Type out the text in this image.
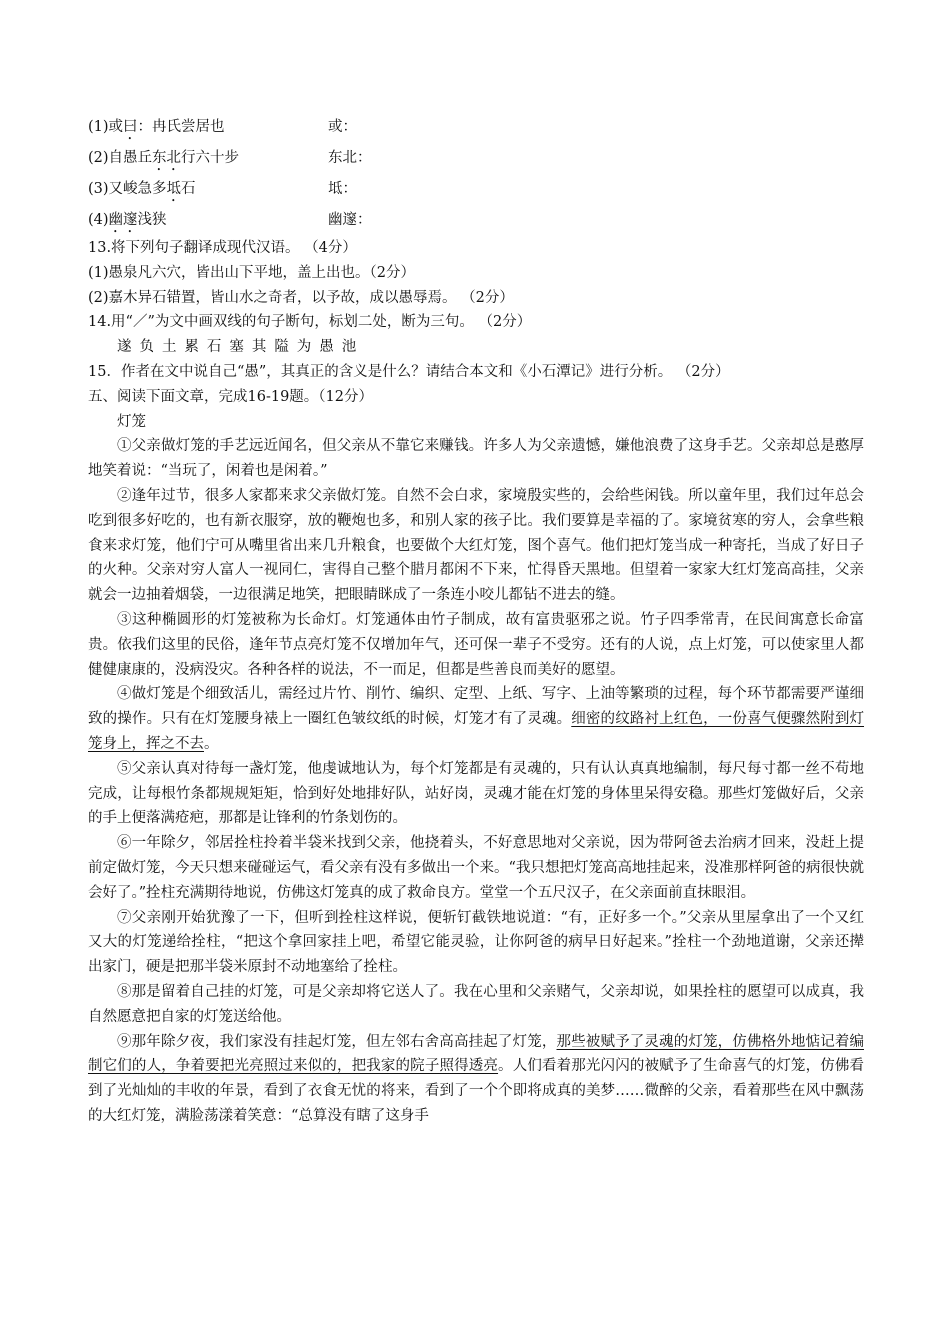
(1)或曰：冉氏尝居也	或：
(2)自愚丘东北行六十步	东北：
(3)又峻急多坻石	坻：
(4)幽邃浅狭	幽邃：
13.将下列句子翻译成现代汉语。 （4分）
(1)愚泉凡六穴，皆出山下平地，盖上出也。（2分）
(2)嘉木异石错置，皆山水之奇者，以予故，成以愚辱焉。 （2分）
14.用“／”为文中画双线的句子断句，标划二处，断为三句。 （2分）
遂负土累石塞其隘为愚池
15．作者在文中说自己“愚”，其真正的含义是什么？请结合本文和《小石潭记》进行分析。 （2分）
五、阅读下面文章，完成16-19题。（12分）
灯笼
①父亲做灯笼的手艺远近闻名，但父亲从不靠它来赚钱。许多人为父亲遗憾，嫌他浪费了这身手艺。父亲却总是憨厚地笑着说：“当玩了，闲着也是闲着。”
②逢年过节，很多人家都来求父亲做灯笼。自然不会白求，家境殷实些的，会给些闲钱。所以童年里，我们过年总会吃到很多好吃的，也有新衣服穿，放的鞭炮也多，和别人家的孩子比。我们要算是幸福的了。家境贫寒的穷人，会拿些粮食来求灯笼，他们宁可从嘴里省出来几升粮食，也要做个大红灯笼，图个喜气。他们把灯笼当成一种寄托，当成了好日子的火种。父亲对穷人富人一视同仁，害得自己整个腊月都闲不下来，忙得昏天黑地。但望着一家家大红灯笼高高挂，父亲就会一边抽着烟袋，一边很满足地笑，把眼睛眯成了一条连小咬儿都钻不进去的缝。
③这种椭圆形的灯笼被称为长命灯。灯笼通体由竹子制成，故有富贵驱邪之说。竹子四季常青，在民间寓意长命富贵。依我们这里的民俗，逢年节点亮灯笼不仅增加年气，还可保一辈子不受穷。还有的人说，点上灯笼，可以使家里人都健健康康的，没病没灾。各种各样的说法，不一而足，但都是些善良而美好的愿望。
④做灯笼是个细致活儿，需经过片竹、削竹、编织、定型、上纸、写字、上油等繁琐的过程，每个环节都需要严谨细致的操作。只有在灯笼腰身裱上一圈红色皱纹纸的时候，灯笼才有了灵魂。细密的纹路衬上红色，一份喜气便骤然附到灯笼身上，挥之不去。
⑤父亲认真对待每一盏灯笼，他虔诚地认为，每个灯笼都是有灵魂的，只有认认真真地编制，每尺每寸都一丝不苟地完成，让每根竹条都规规矩矩，恰到好处地排好队，站好岗，灵魂才能在灯笼的身体里呆得安稳。那些灯笼做好后，父亲的手上便落满疮疤，那都是让锋利的竹条划伤的。
⑥一年除夕，邻居拴柱拎着半袋米找到父亲，他挠着头，不好意思地对父亲说，因为带阿爸去治病才回来，没赶上提前定做灯笼，今天只想来碰碰运气，看父亲有没有多做出一个来。“我只想把灯笼高高地挂起来，没准那样阿爸的病很快就会好了。”拴柱充满期待地说，仿佛这灯笼真的成了救命良方。堂堂一个五尺汉子，在父亲面前直抹眼泪。
⑦父亲刚开始犹豫了一下，但听到拴柱这样说，便斩钉截铁地说道：“有，正好多一个。”父亲从里屋拿出了一个又红又大的灯笼递给拴柱，“把这个拿回家挂上吧，希望它能灵验，让你阿爸的病早日好起来。”拴柱一个劲地道谢，父亲还撵出家门，硬是把那半袋米原封不动地塞给了拴柱。
⑧那是留着自己挂的灯笼，可是父亲却将它送人了。我在心里和父亲赌气，父亲却说，如果拴柱的愿望可以成真，我自然愿意把自家的灯笼送给他。
⑨那年除夕夜，我们家没有挂起灯笼，但左邻右舍高高挂起了灯笼，那些被赋予了灵魂的灯笼，仿佛格外地惦记着编制它们的人，争着要把光亮照过来似的，把我家的院子照得透亮。人们看着那光闪闪的被赋予了生命喜气的灯笼，仿佛看到了光灿灿的丰收的年景，看到了衣食无忧的将来，看到了一个个即将成真的美梦……微醉的父亲，看着那些在风中飘荡的大红灯笼，满脸荡漾着笑意：“总算没有瞎了这身手
